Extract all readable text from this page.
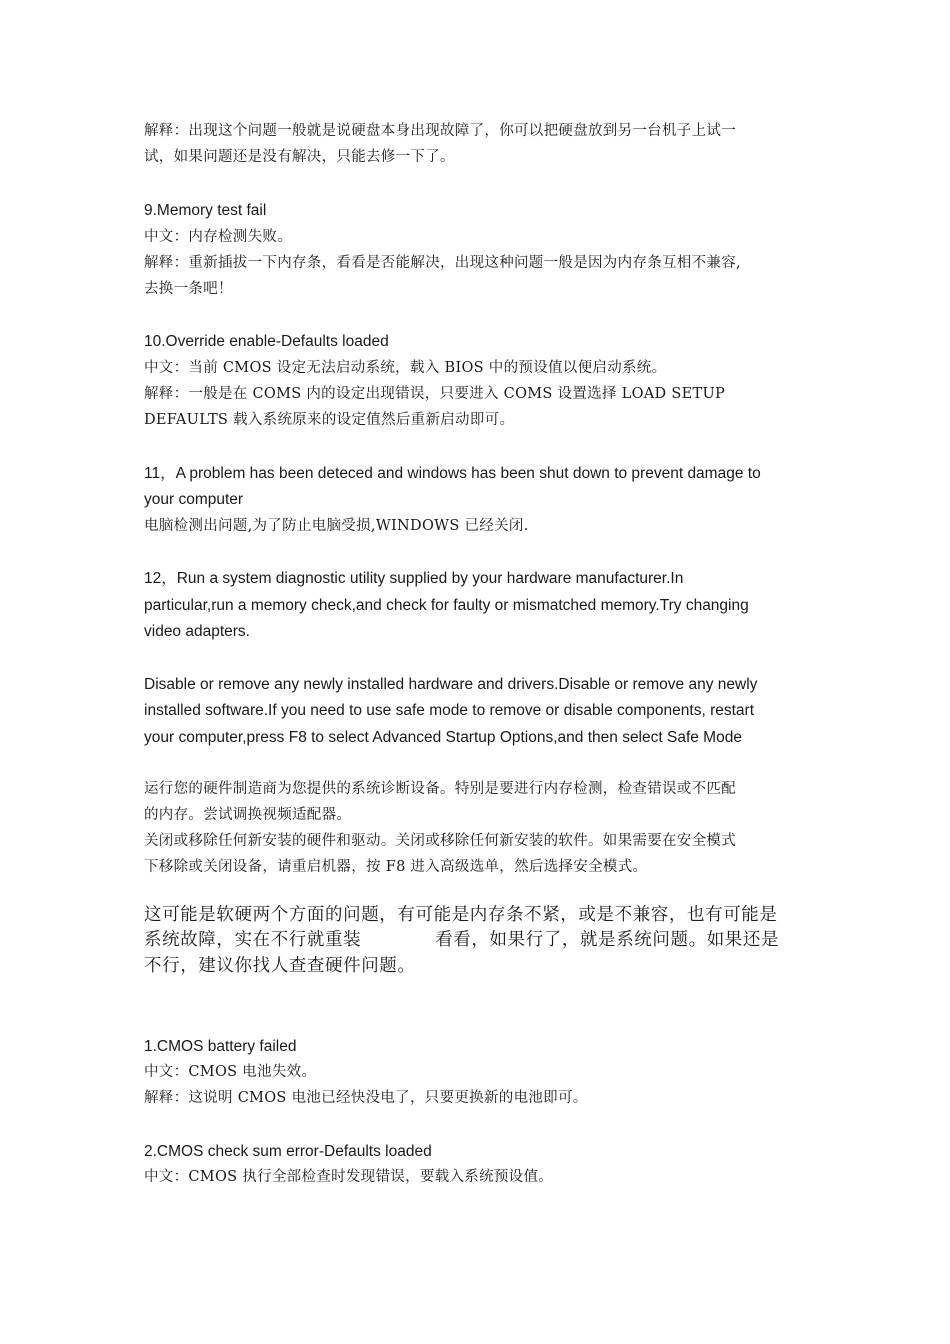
解释：出现这个问题一般就是说硬盘本身出现故障了，你可以把硬盘放到另一台机子上试一
试，如果问题还是没有解决，只能去修一下了。
9.Memory test fail
中文：内存检测失败。
解释：重新插拔一下内存条，看看是否能解决，出现这种问题一般是因为内存条互相不兼容,
去换一条吧！
10.Override enable-Defaults loaded
中文：当前 CMOS 设定无法启动系统，载入 BIOS 中的预设值以便启动系统。
解释：一般是在 COMS 内的设定出现错误，只要进入 COMS 设置选择 LOAD SETUP
DEFAULTS 载入系统原来的设定值然后重新启动即可。
11，A problem has been deteced and windows has been shut down to prevent damage to
your computer
电脑检测出问题,为了防止电脑受损,WINDOWS 已经关闭.
12，Run a system diagnostic utility supplied by your hardware manufacturer.In
particular,run a memory check,and check for faulty or mismatched memory.Try changing
video adapters.
Disable or remove any newly installed hardware and drivers.Disable or remove any newly
installed software.If you need to use safe mode to remove or disable components, restart
your computer,press F8 to select Advanced Startup Options,and then select Safe Mode
运行您的硬件制造商为您提供的系统诊断设备。特别是要进行内存检测，检查错误或不匹配
的内存。尝试调换视频适配器。
关闭或移除任何新安装的硬件和驱动。关闭或移除任何新安装的软件。如果需要在安全模式
下移除或关闭设备，请重启机器，按 F8 进入高级选单，然后选择安全模式。
这可能是软硬两个方面的问题，有可能是内存条不紧，或是不兼容，也有可能是
系统故障，实在不行就重装	看看，如果行了，就是系统问题。如果还是
不行，建议你找人查查硬件问题。
1.CMOS battery failed
中文：CMOS 电池失效。
解释：这说明 CMOS 电池已经快没电了，只要更换新的电池即可。
2.CMOS check sum error-Defaults loaded
中文：CMOS 执行全部检查时发现错误，要载入系统预设值。
